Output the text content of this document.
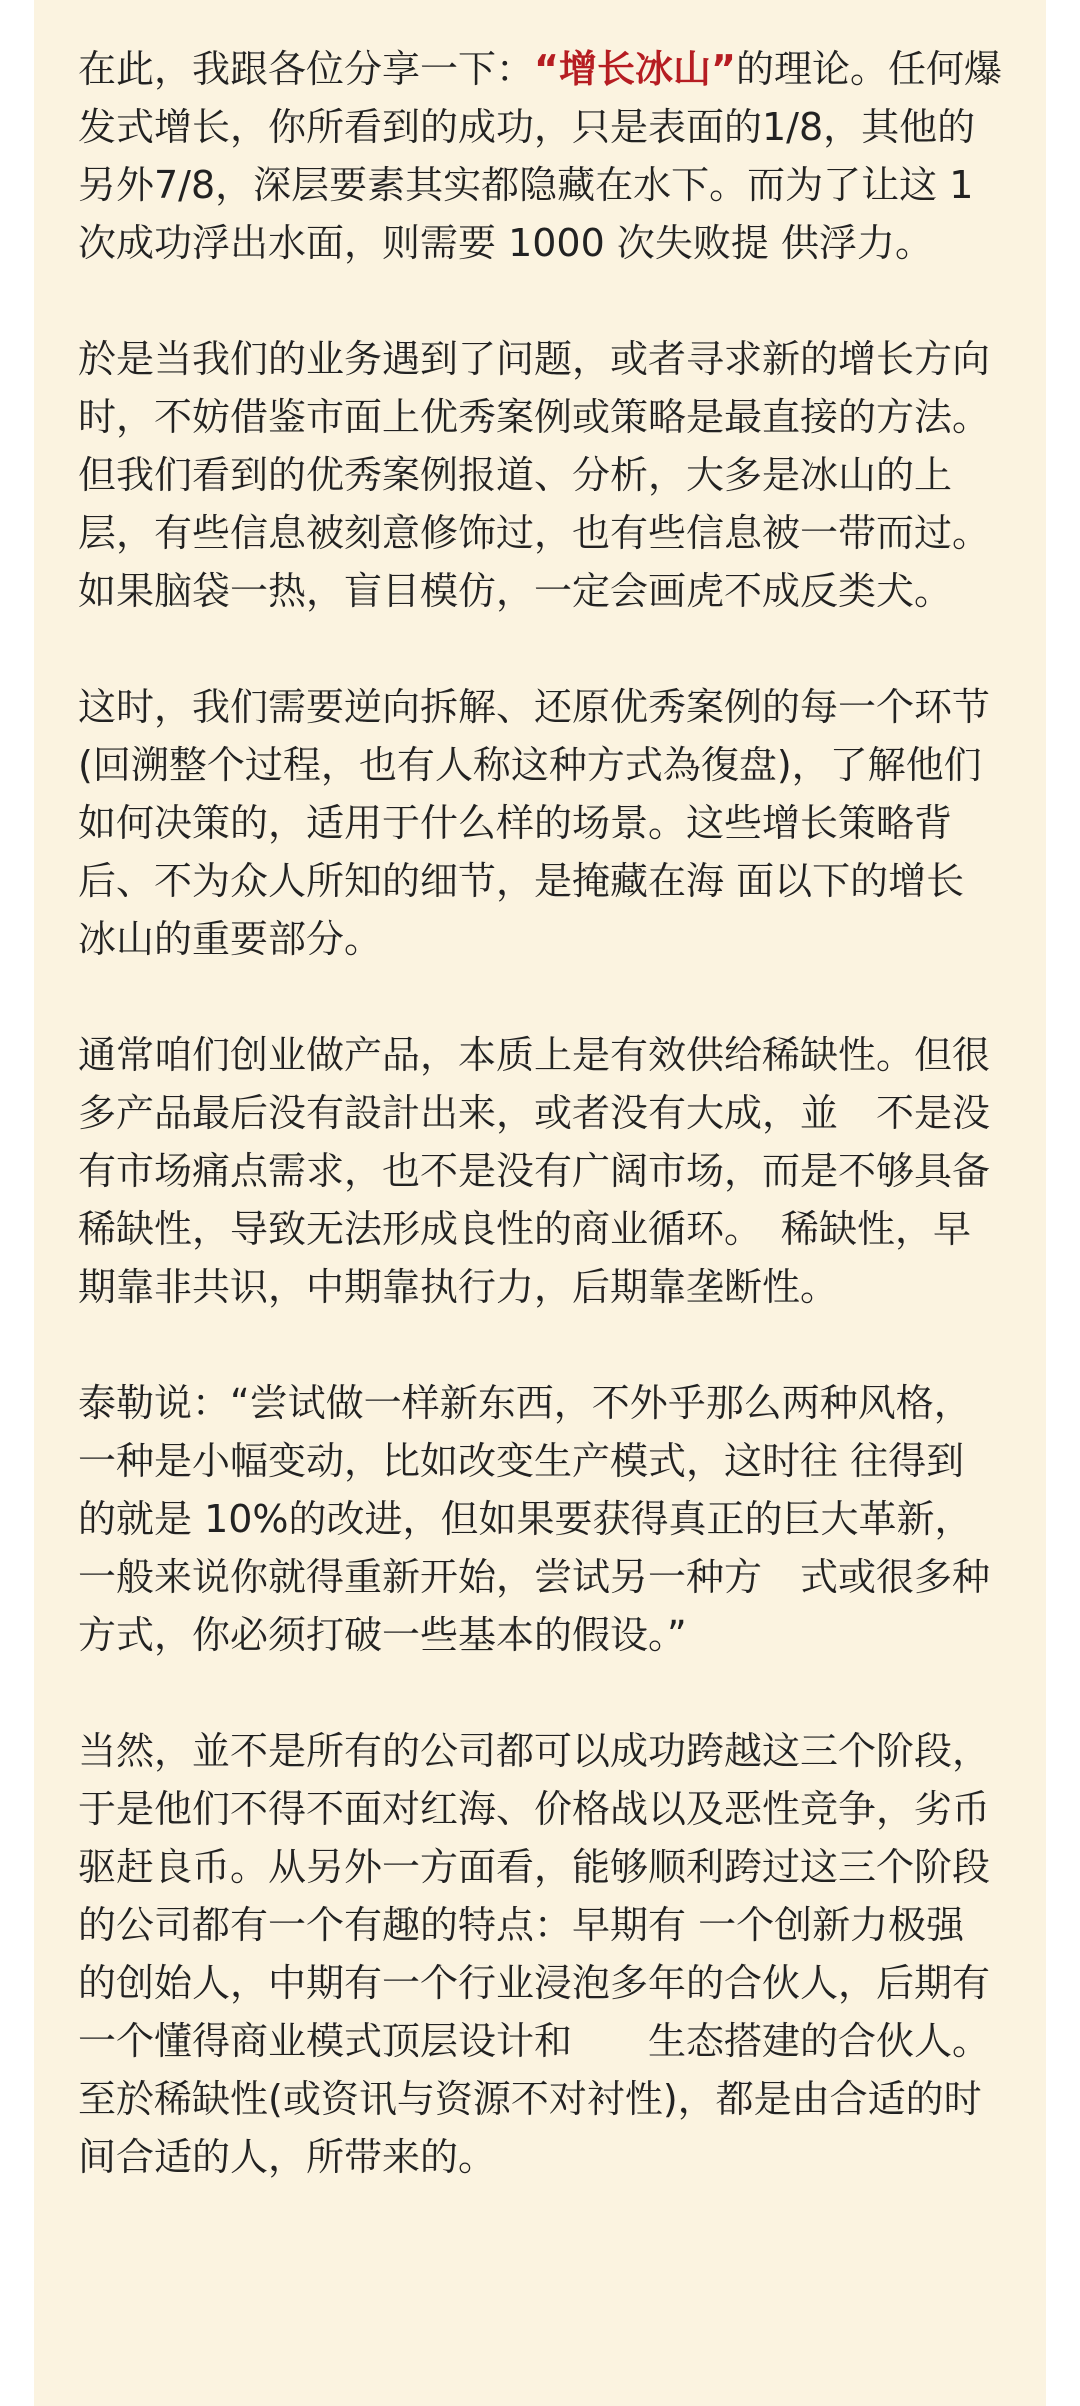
在此，我跟各位分享一下：“增长冰山”的理论。任何爆发式增长，你所看到的成功，只是表面的1/8，其他的另外7/8，深层要素其实都隐藏在水下。而为了让这 1 次成功浮出水面，则需要 1000 次失败提 供浮力。

於是当我们的业务遇到了问题，或者寻求新的增长方向时，不妨借鉴市面上优秀案例或策略是最直接的方法。但我们看到的优秀案例报道、分析，大多是冰山的上层，有些信息被刻意修饰过，也有些信息被一带而过。如果脑袋一热，盲目模仿，一定会画虎不成反类犬。

这时，我们需要逆向拆解、还原优秀案例的每一个环节(回溯整个过程，也有人称这种方式為復盘)，了解他们如何决策的，适用于什么样的场景。这些增长策略背后、不为众人所知的细节，是掩藏在海 面以下的增长冰山的重要部分。

通常咱们创业做产品，本质上是有效供给稀缺性。但很多产品最后没有設計出来，或者没有大成，並　不是没有市场痛点需求，也不是没有广阔市场，而是不够具备稀缺性，导致无法形成良性的商业循环。　稀缺性，早期靠非共识，中期靠执行力，后期靠垄断性。

泰勒说：“尝试做一样新东西，不外乎那么两种风格，一种是小幅变动，比如改变生产模式，这时往 往得到的就是 10%的改进，但如果要获得真正的巨大革新，一般来说你就得重新开始，尝试另一种方　式或很多种方式，你必须打破一些基本的假设。”

当然，並不是所有的公司都可以成功跨越这三个阶段，于是他们不得不面对红海、价格战以及恶性竞争，劣币驱赶良币。从另外一方面看，能够顺利跨过这三个阶段的公司都有一个有趣的特点：早期有 一个创新力极强的创始人，中期有一个行业浸泡多年的合伙人，后期有一个懂得商业模式顶层设计和　　生态搭建的合伙人。至於稀缺性(或资讯与资源不对衬性)，都是由合适的时间合适的人，所带来的。
